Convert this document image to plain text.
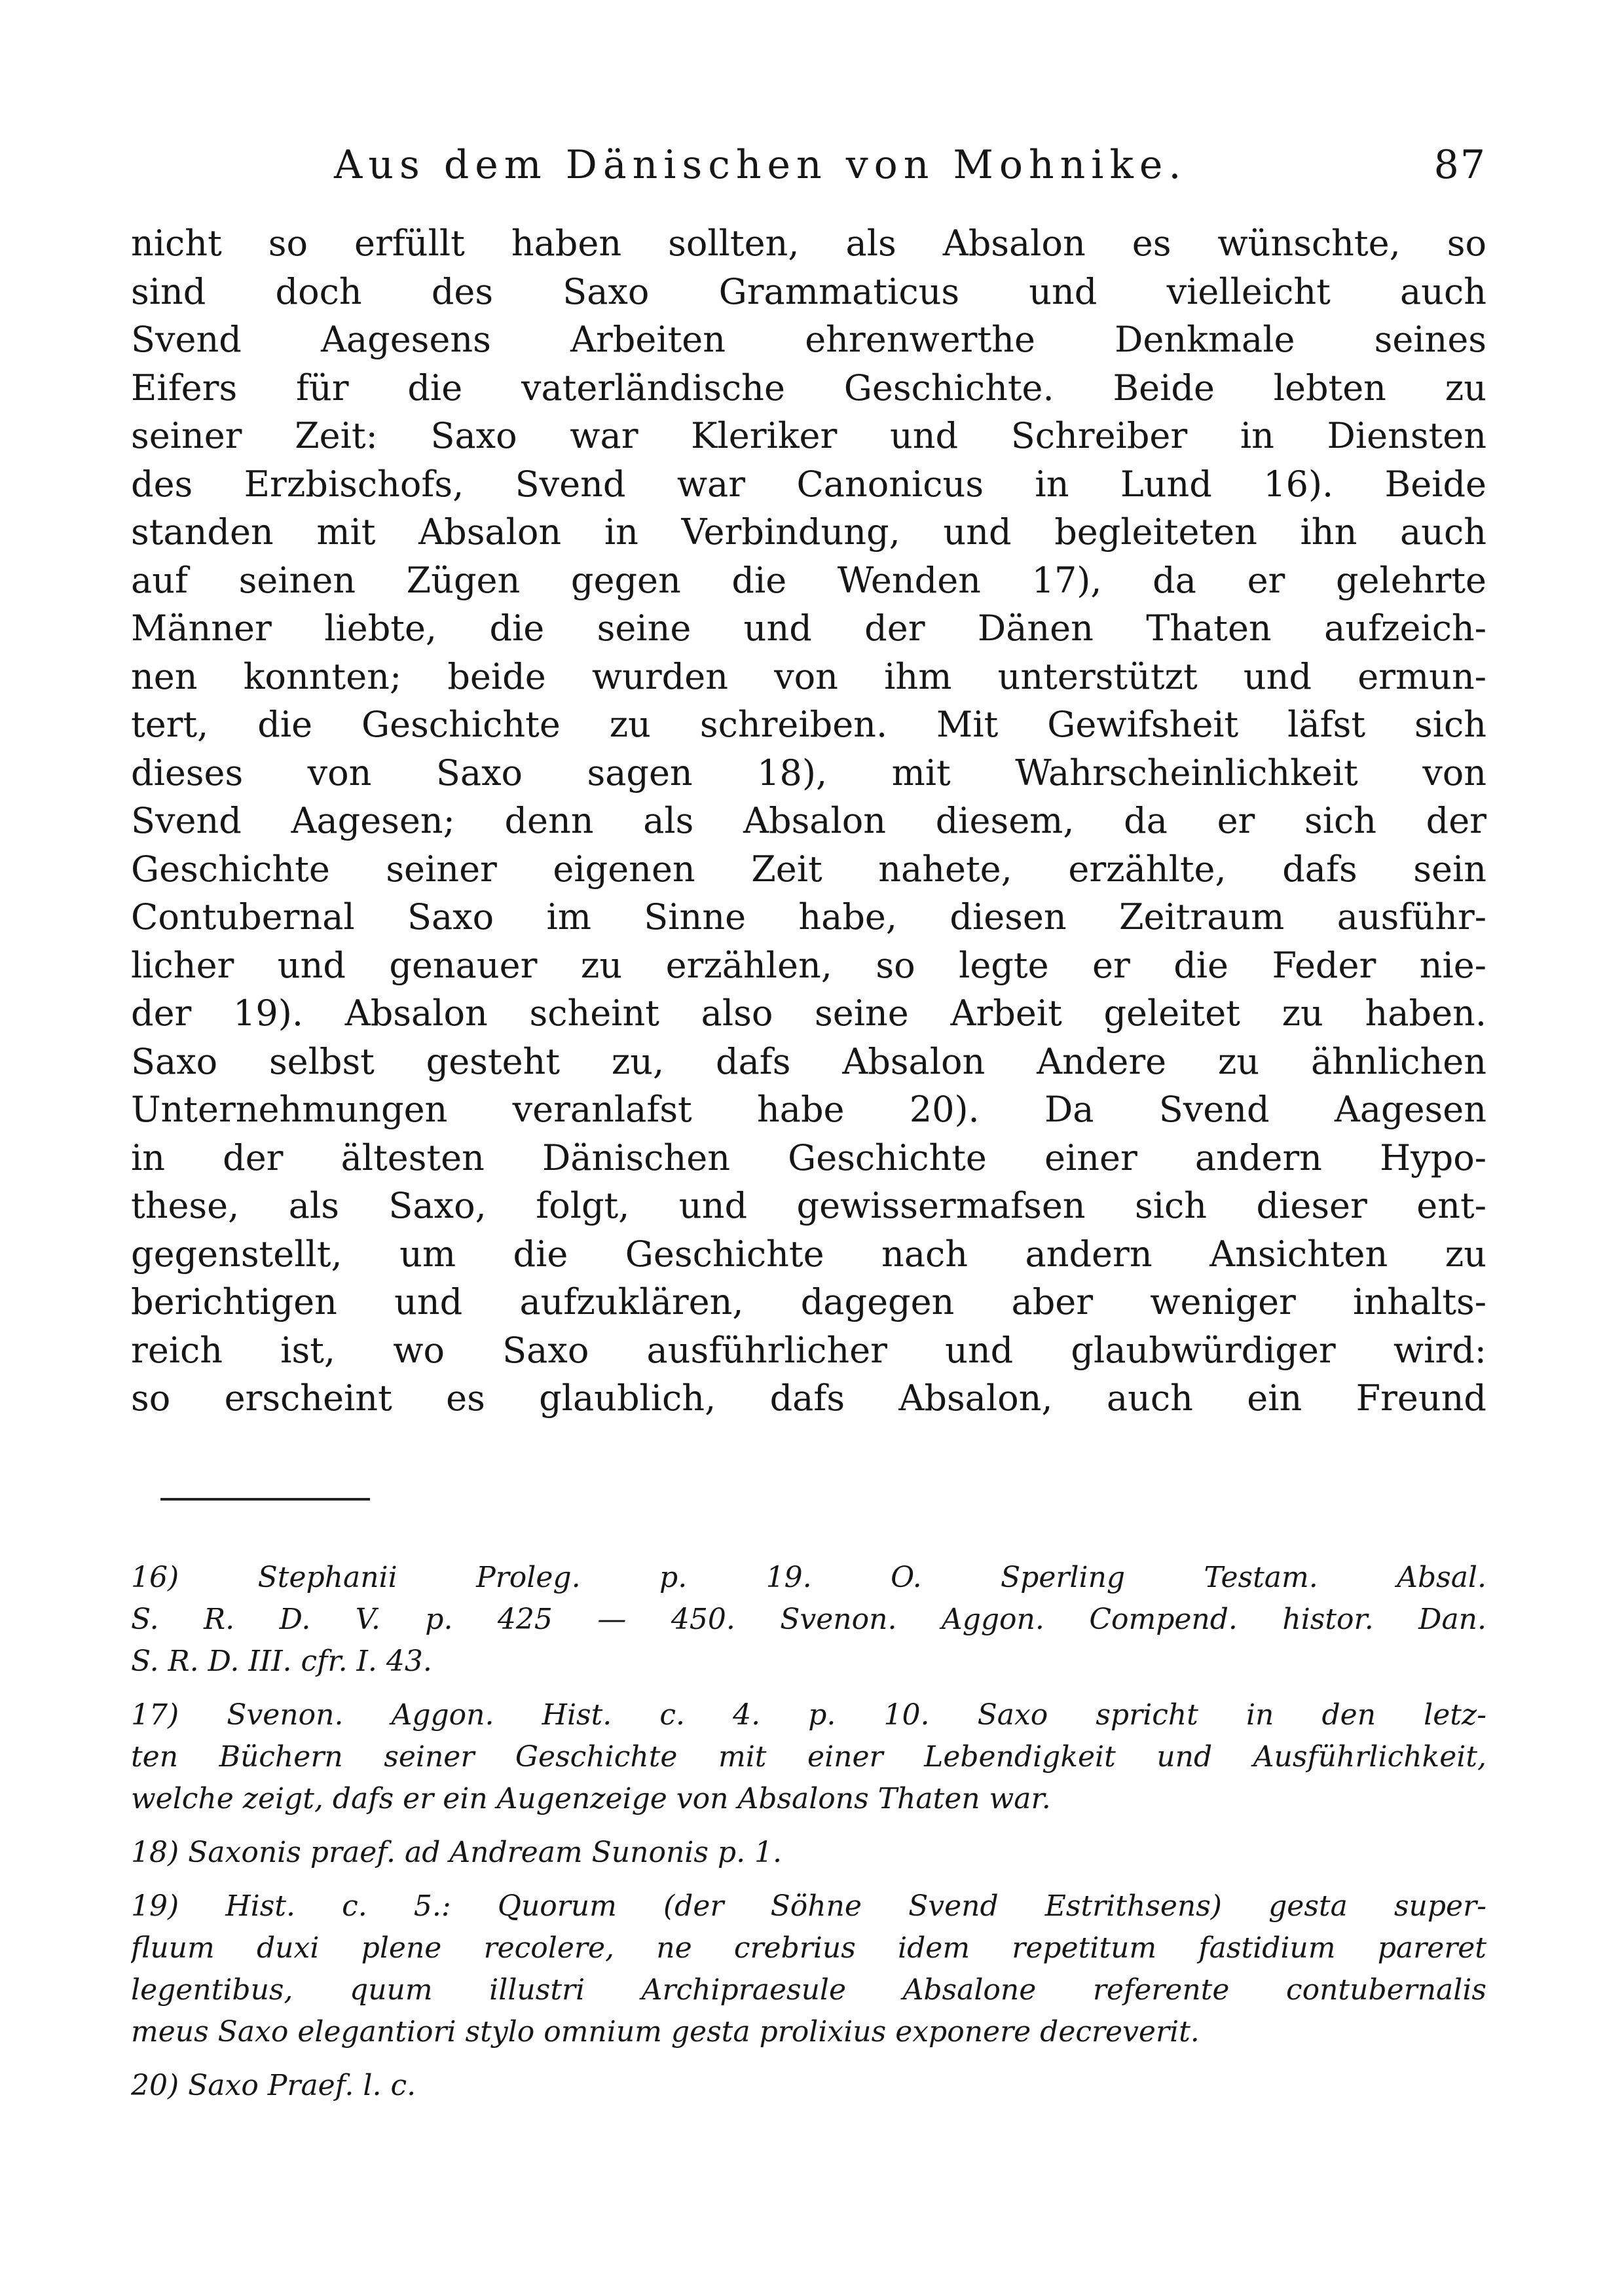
Aus dem Dänischen von Mohnike.	87
nicht so erfüllt haben sollten, als Absalon es wünschte, so
sind doch des Saxo Grammaticus und vielleicht auch
Svend Aagesens Arbeiten ehrenwerthe Denkmale seines
Eifers für die vaterländische Geschichte. Beide lebten zu
seiner Zeit: Saxo war Kleriker und Schreiber in Diensten
des Erzbischofs, Svend war Canonicus in Lund 16). Beide
standen mit Absalon in Verbindung, und begleiteten ihn auch
auf seinen Zügen gegen die Wenden 17), da er gelehrte
Männer liebte, die seine und der Dänen Thaten aufzeich-
nen konnten; beide wurden von ihm unterstützt und ermun-
tert, die Geschichte zu schreiben. Mit Gewifsheit läfst sich
dieses von Saxo sagen 18), mit Wahrscheinlichkeit von
Svend Aagesen; denn als Absalon diesem, da er sich der
Geschichte seiner eigenen Zeit nahete, erzählte, dafs sein
Contubernal Saxo im Sinne habe, diesen Zeitraum ausführ-
licher und genauer zu erzählen, so legte er die Feder nie-
der 19). Absalon scheint also seine Arbeit geleitet zu haben.
Saxo selbst gesteht zu, dafs Absalon Andere zu ähnlichen
Unternehmungen veranlafst habe 20). Da Svend Aagesen
in der ältesten Dänischen Geschichte einer andern Hypo-
these, als Saxo, folgt, und gewissermafsen sich dieser ent-
gegenstellt, um die Geschichte nach andern Ansichten zu
berichtigen und aufzuklären, dagegen aber weniger inhalts-
reich ist, wo Saxo ausführlicher und glaubwürdiger wird:
so erscheint es glaublich, dafs Absalon, auch ein Freund
16) Stephanii Proleg. p. 19. O. Sperling Testam. Absal.
S. R. D. V. p. 425 — 450. Svenon. Aggon. Compend. histor. Dan.
S. R. D. III. cfr. I. 43.
17) Svenon. Aggon. Hist. c. 4. p. 10. Saxo spricht in den letz-
ten Büchern seiner Geschichte mit einer Lebendigkeit und Ausführlichkeit,
welche zeigt, dafs er ein Augenzeige von Absalons Thaten war.
18) Saxonis praef. ad Andream Sunonis p. 1.
19) Hist. c. 5.: Quorum (der Söhne Svend Estrithsens) gesta super-
fluum duxi plene recolere, ne crebrius idem repetitum fastidium pareret
legentibus, quum illustri Archipraesule Absalone referente contubernalis
meus Saxo elegantiori stylo omnium gesta prolixius exponere decreverit.
20) Saxo Praef. l. c.
